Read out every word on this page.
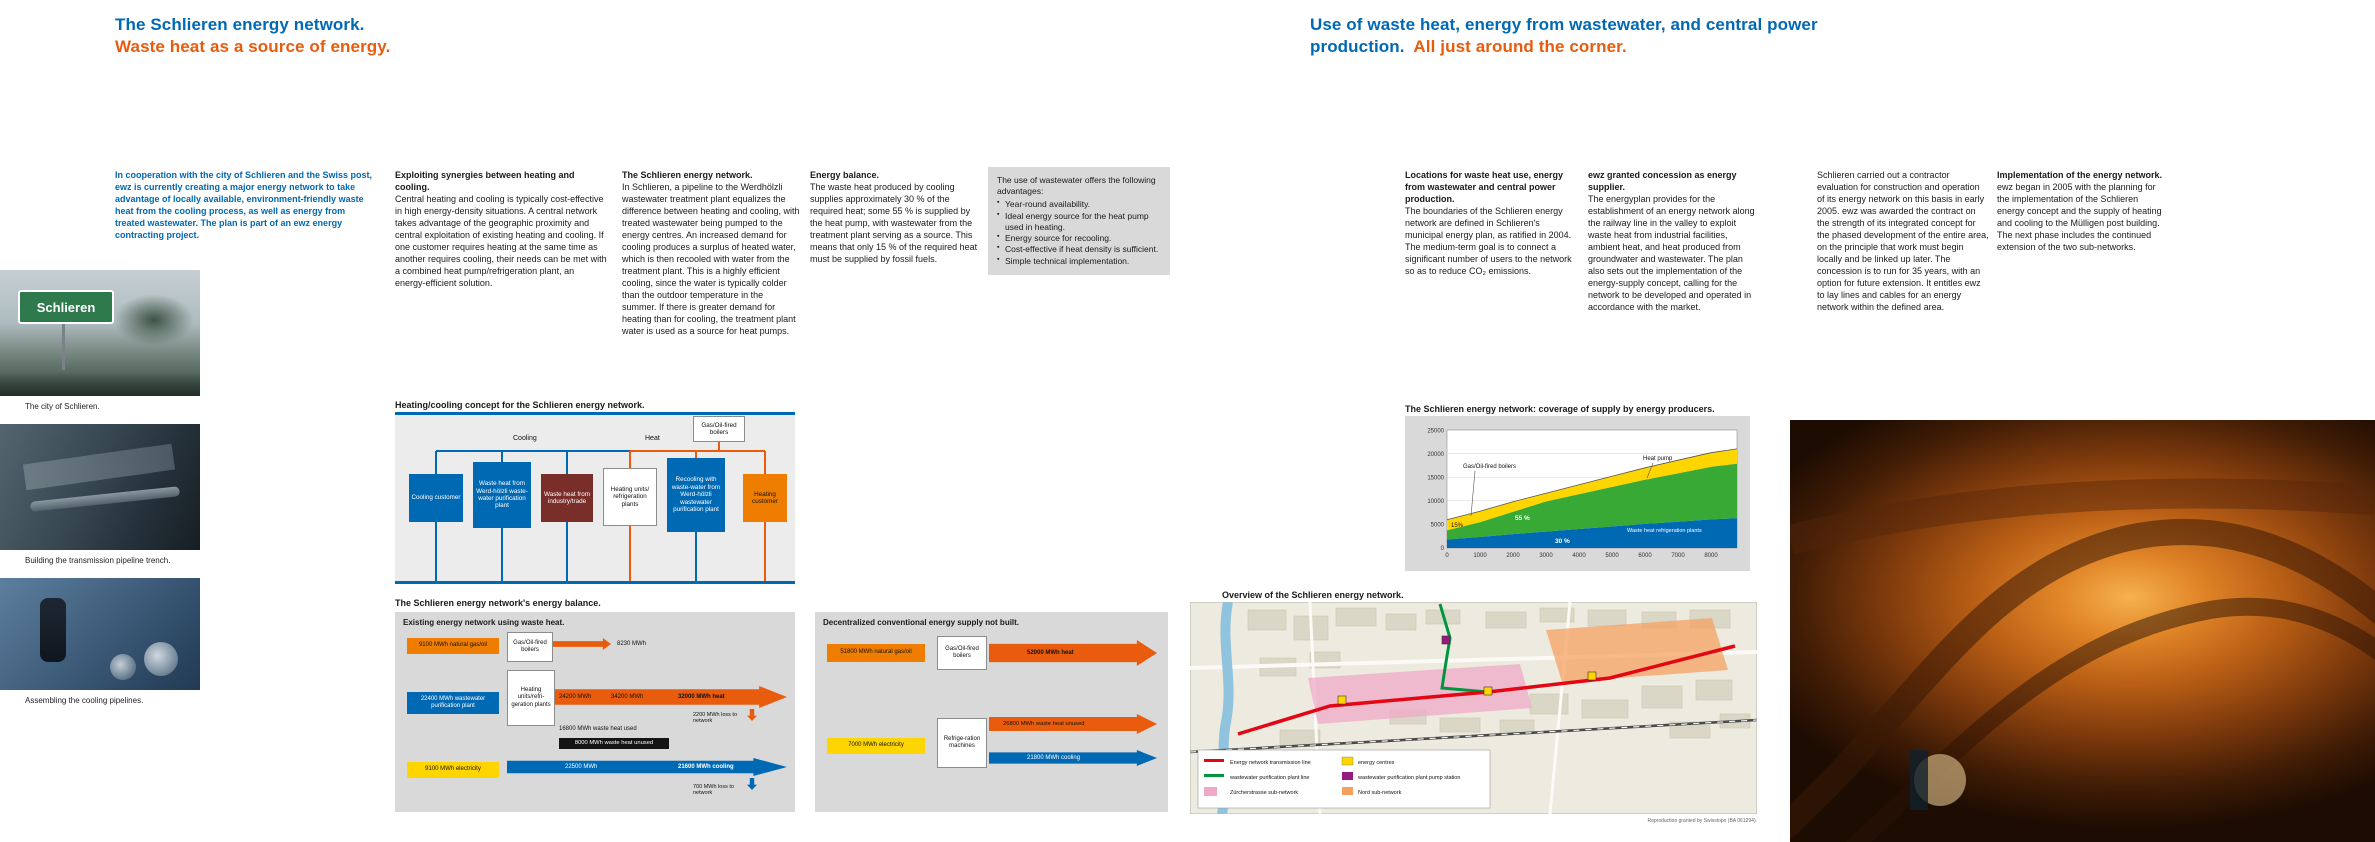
The Schlieren energy network.
Waste heat as a source of energy.
Schlieren
The city of Schlieren.
Building the transmission pipeline trench.
Assembling the cooling pipelines.
In cooperation with the city of Schlieren and the Swiss post, ewz is currently creating a major energy network to take advantage of locally available, environment-friendly waste heat from the cooling process, as well as energy from treated wastewater. The plan is part of an ewz energy contracting project.
Exploiting synergies between heating and cooling.
Central heating and cooling is typically cost-effective in high energy-density situations. A central network takes advantage of the geographic proximity and central exploitation of existing heating and cooling. If one customer requires heating at the same time as another requires cooling, their needs can be met with a combined heat pump/refrigeration plant, an energy-efficient solution.
The Schlieren energy network.
In Schlieren, a pipeline to the Werdhölzli wastewater treatment plant equalizes the difference between heating and cooling, with treated wastewater being pumped to the energy centres. An increased demand for cooling produces a surplus of heated water, which is then recooled with water from the treatment plant. This is a highly efficient cooling, since the water is typically colder than the outdoor temperature in the summer. If there is greater demand for heating than for cooling, the treatment plant water is used as a source for heat pumps.
Energy balance.
The waste heat produced by cooling supplies approximately 30 % of the required heat; some 55 % is supplied by the heat pump, with wastewater from the treatment plant serving as a source. This means that only 15 % of the required heat must be supplied by fossil fuels.
The use of wastewater offers the following advantages:
▪ Year-round availability.
▪ Ideal energy source for the heat pump used in heating.
▪ Energy source for recooling.
▪ Cost-effective if heat density is sufficient.
▪ Simple technical implementation.
Heating/cooling concept for the Schlieren energy network.
Cooling	Heat
Gas/Oil-fired boilers
Cooling customer
Waste heat from Werd-hölzli waste-water purification plant
Waste heat from industry/trade
Heating units/ refrigeration plants
Recooling with waste-water from Werd-hölzli wastewater purification plant
Heating customer
The Schlieren energy network's energy balance.
Existing energy network using waste heat.
9100 MWh natural gas/oil	Gas/Oil-fired boilers
8230 MWh
22400 MWh wastewater purification plant
Heating units/refri-geration plants
24200 MWh	34200 MWh	32000 MWh heat
2200 MWh loss to network
16800 MWh waste heat used
8000 MWh waste heat unused
9100 MWh electricity	22500 MWh	21600 MWh cooling
700 MWh loss to network
Decentralized conventional energy supply not built.
51800 MWh natural gas/oil
Gas/Oil-fired boilers	52000 MWh heat
7000 MWh electricity
Refrige-ration machines
26800 MWh waste heat unused
21800 MWh cooling
Use of waste heat, energy from wastewater, and central power production. All just around the corner.
Locations for waste heat use, energy from wastewater and central power production.
The boundaries of the Schlieren energy network are defined in Schlieren's municipal energy plan, as ratified in 2004. The medium-term goal is to connect a significant number of users to the network so as to reduce CO₂ emissions.
ewz granted concession as energy supplier.
The energyplan provides for the establishment of an energy network along the railway line in the valley to exploit waste heat from industrial facilities, ambient heat, and heat produced from groundwater and wastewater. The plan also sets out the implementation of the energy-supply concept, calling for the network to be developed and operated in accordance with the market.
Schlieren carried out a contractor evaluation for construction and operation of its energy network on this basis in early 2005. ewz was awarded the contract on the strength of its integrated concept for the phased development of the entire area, on the principle that work must begin locally and be linked up later. The concession is to run for 35 years, with an option for future extension. It entitles ewz to lay lines and cables for an energy network within the defined area.
Implementation of the energy network.
ewz began in 2005 with the planning for the implementation of the Schlieren energy concept and the supply of heating and cooling to the Mülligen post building. The next phase includes the continued extension of the two sub-networks.
The Schlieren energy network: coverage of supply by energy producers.
25000
20000
15000
10000
5000
0
0	1000	2000	3000	4000	5000	6000	7000	8000
Gas/Oil-fired boilers
Heat pump
Waste heat refrigeration plants
15%
55 %
30 %
Overview of the Schlieren energy network.
Energy network transmission line
wastewater purification plant line
Zürcherstrasse sub-network
energy centres
wastewater purification plant pump station
Nord sub-network
Reproduction granted by Swisstopo (BA 061294).
